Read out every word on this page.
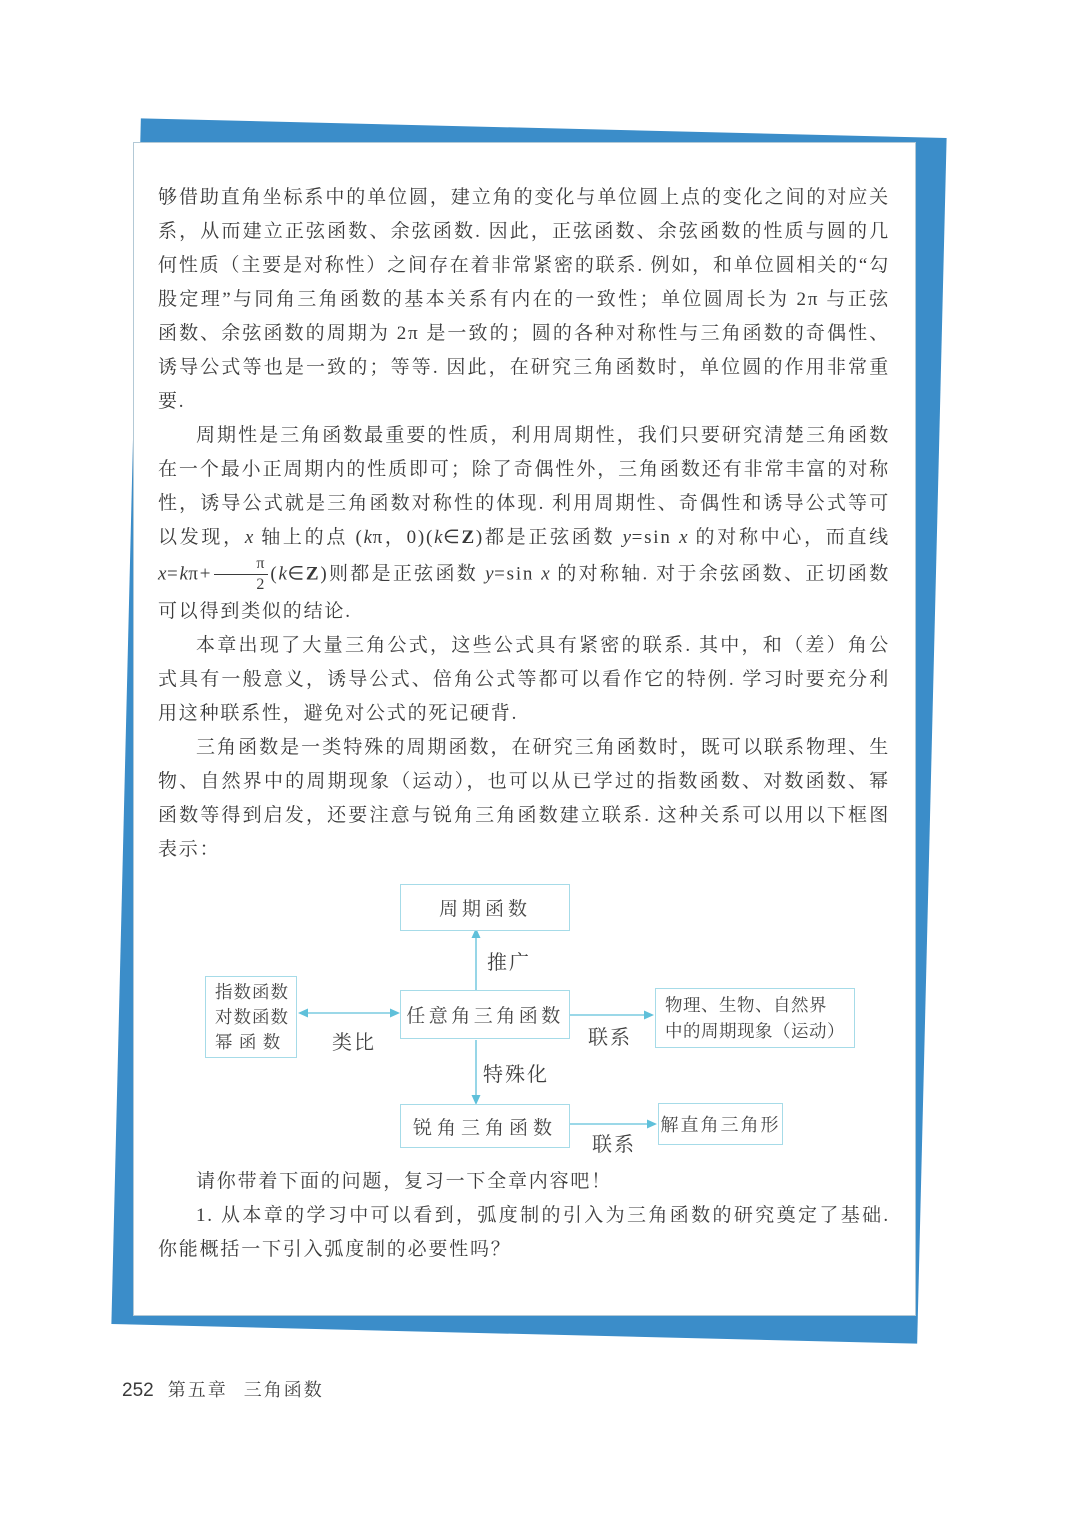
够借助直角坐标系中的单位圆，建立角的变化与单位圆上点的变化之间的对应关系，从而建立正弦函数、余弦函数. 因此，正弦函数、余弦函数的性质与圆的几何性质（主要是对称性）之间存在着非常紧密的联系. 例如，和单位圆相关的“勾股定理”与同角三角函数的基本关系有内在的一致性；单位圆周长为 2π 与正弦函数、余弦函数的周期为 2π 是一致的；圆的各种对称性与三角函数的奇偶性、诱导公式等也是一致的；等等. 因此，在研究三角函数时，单位圆的作用非常重要.

周期性是三角函数最重要的性质，利用周期性，我们只要研究清楚三角函数在一个最小正周期内的性质即可；除了奇偶性外，三角函数还有非常丰富的对称性，诱导公式就是三角函数对称性的体现. 利用周期性、奇偶性和诱导公式等可以发现，x 轴上的点 (kπ，0)(k∈Z)都是正弦函数 y=sin x 的对称中心，而直线 $x=k\pi+ \frac{\pi}{2}$ (k∈Z)则都是正弦函数 y=sin x 的对称轴. 对于余弦函数、正切函数可以得到类似的结论.

本章出现了大量三角公式，这些公式具有紧密的联系. 其中，和（差）角公式具有一般意义，诱导公式、倍角公式等都可以看作它的特例. 学习时要充分利用这种联系性，避免对公式的死记硬背.

三角函数是一类特殊的周期函数，在研究三角函数时，既可以联系物理、生物、自然界中的周期现象（运动），也可以从已学过的指数函数、对数函数、幂函数等得到启发，还要注意与锐角三角函数建立联系. 这种关系可以用以下框图表示：

周期函数
任意角三角函数
指数函数
对数函数
幂 函 数
物理、生物、自然界
中的周期现象（运动）
锐角三角函数	解直角三角形
推广
类比	联系
特殊化
联系

请你带着下面的问题，复习一下全章内容吧！

1. 从本章的学习中可以看到，弧度制的引入为三角函数的研究奠定了基础. 你能概括一下引入弧度制的必要性吗？

252 第五章 三角函数
